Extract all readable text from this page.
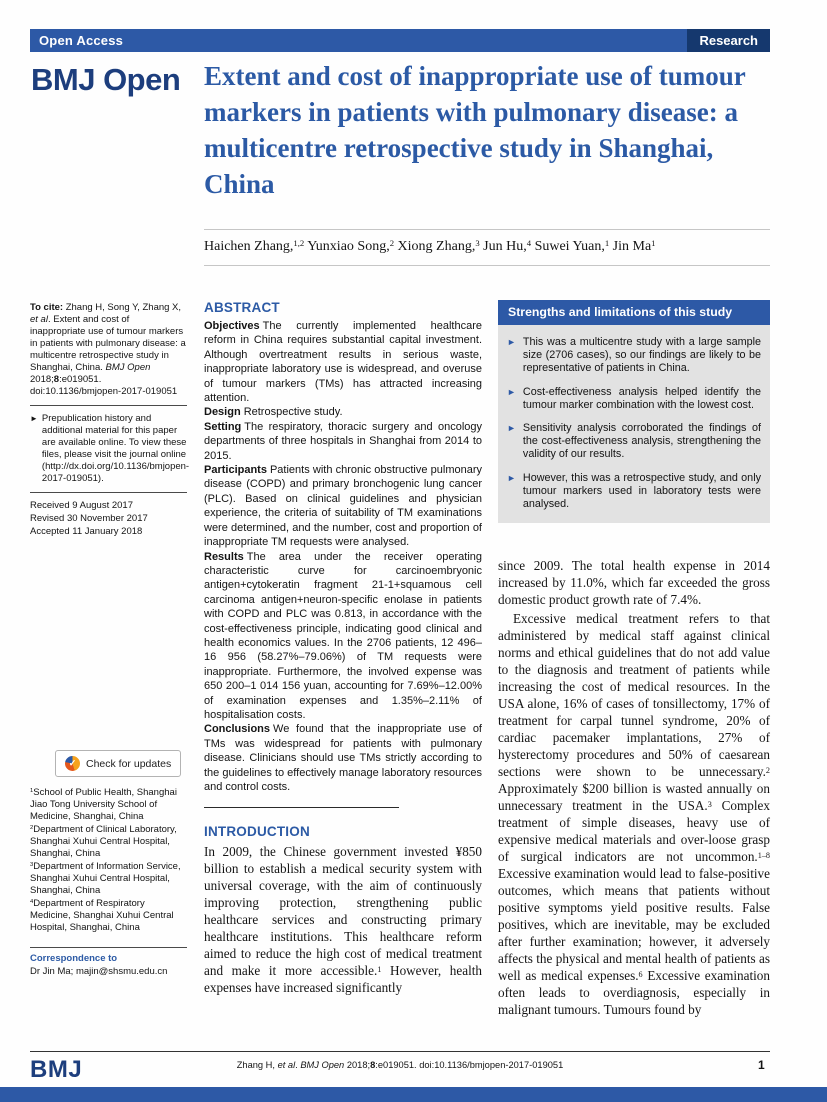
Open Access	Research
BMJ Open Extent and cost of inappropriate use of tumour markers in patients with pulmonary disease: a multicentre retrospective study in Shanghai, China
Haichen Zhang,$^{1,2}$ Yunxiao Song,$^2$ Xiong Zhang,$^3$ Jun Hu,$^4$ Suwei Yuan,$^1$ Jin Ma$^1$

To cite: Zhang H, Song Y, Zhang X, et al. Extent and cost of inappropriate use of tumour markers in patients with pulmonary disease: a multicentre retrospective study in Shanghai, China. BMJ Open 2018;8:e019051. doi:10.1136/bmjopen-2017-019051

► Prepublication history and additional material for this paper are available online. To view these files, please visit the journal online (http://dx.doi.org/10.1136/bmjopen-2017-019051).
Received 9 August 2017
Revised 30 November 2017
Accepted 11 January 2018
✓ Check for updates
$^1$School of Public Health, Shanghai Jiao Tong University School of Medicine, Shanghai, China
$^2$Department of Clinical Laboratory, Shanghai Xuhui Central Hospital, Shanghai, China
$^3$Department of Information Service, Shanghai Xuhui Central Hospital, Shanghai, China
$^4$Department of Respiratory Medicine, Shanghai Xuhui Central Hospital, Shanghai, China
Correspondence to
Dr Jin Ma; majin@shsmu.edu.cn
ABSTRACT

Objectives The currently implemented healthcare reform in China requires substantial capital investment. Although overtreatment results in serious waste, inappropriate laboratory use is widespread, and overuse of tumour markers (TMs) has attracted increasing attention.

Design Retrospective study.

Setting The respiratory, thoracic surgery and oncology departments of three hospitals in Shanghai from 2014 to 2015.

Participants Patients with chronic obstructive pulmonary disease (COPD) and primary bronchogenic lung cancer (PLC). Based on clinical guidelines and physician experience, the criteria of suitability of TM examinations were determined, and the number, cost and proportion of inappropriate TM requests were analysed.

Results The area under the receiver operating characteristic curve for carcinoembryonic antigen+cytokeratin fragment 21-1+squamous cell carcinoma antigen+neuron-specific enolase in patients with COPD and PLC was 0.813, in accordance with the cost-effectiveness principle, indicating good clinical and health economics values. In the 2706 patients, 12 496–16 956 (58.27%–79.06%) of TM requests were inappropriate. Furthermore, the involved expense was 650 200–1 014 156 yuan, accounting for 7.69%–12.00% of examination expenses and 1.35%–2.11% of hospitalisation costs.

Conclusions We found that the inappropriate use of TMs was widespread for patients with pulmonary disease. Clinicians should use TMs strictly according to the guidelines to effectively manage laboratory resources and control costs.

INTRODUCTION

In 2009, the Chinese government invested ¥850 billion to establish a medical security system with universal coverage, with the aim of continuously improving protection, strengthening public healthcare services and constructing primary healthcare institutions. This healthcare reform aimed to reduce the high cost of medical treatment and make it more accessible.$^1$ However, health expenses have increased significantly

Strengths and limitations of this study
► This was a multicentre study with a large sample size (2706 cases), so our findings are likely to be representative of patients in China.
► Cost-effectiveness analysis helped identify the tumour marker combination with the lowest cost.
► Sensitivity analysis corroborated the findings of the cost-effectiveness analysis, strengthening the validity of our results.
► However, this was a retrospective study, and only tumour markers used in laboratory tests were analysed.

since 2009. The total health expense in 2014 increased by 11.0%, which far exceeded the gross domestic product growth rate of 7.4%.

Excessive medical treatment refers to that administered by medical staff against clinical norms and ethical guidelines that do not add value to the diagnosis and treatment of patients while increasing the cost of medical resources. In the USA alone, 16% of cases of tonsillectomy, 17% of treatment for carpal tunnel syndrome, 20% of cardiac pacemaker implantations, 27% of hysterectomy procedures and 50% of caesarean sections were shown to be unnecessary.$^2$ Approximately $200 billion is wasted annually on unnecessary treatment in the USA.$^3$ Complex treatment of simple diseases, heavy use of expensive medical materials and over-loose grasp of surgical indicators are not uncommon.$^{1-8}$ Excessive examination would lead to false-positive outcomes, which means that patients without positive symptoms yield positive results. False positives, which are inevitable, may be excluded after further examination; however, it adversely affects the physical and mental health of patients as well as medical expenses.$^6$ Excessive examination often leads to overdiagnosis, especially in malignant tumours. Tumours found by

BMJ	Zhang H, et al. BMJ Open 2018;8:e019051. doi:10.1136/bmjopen-2017-019051	1
